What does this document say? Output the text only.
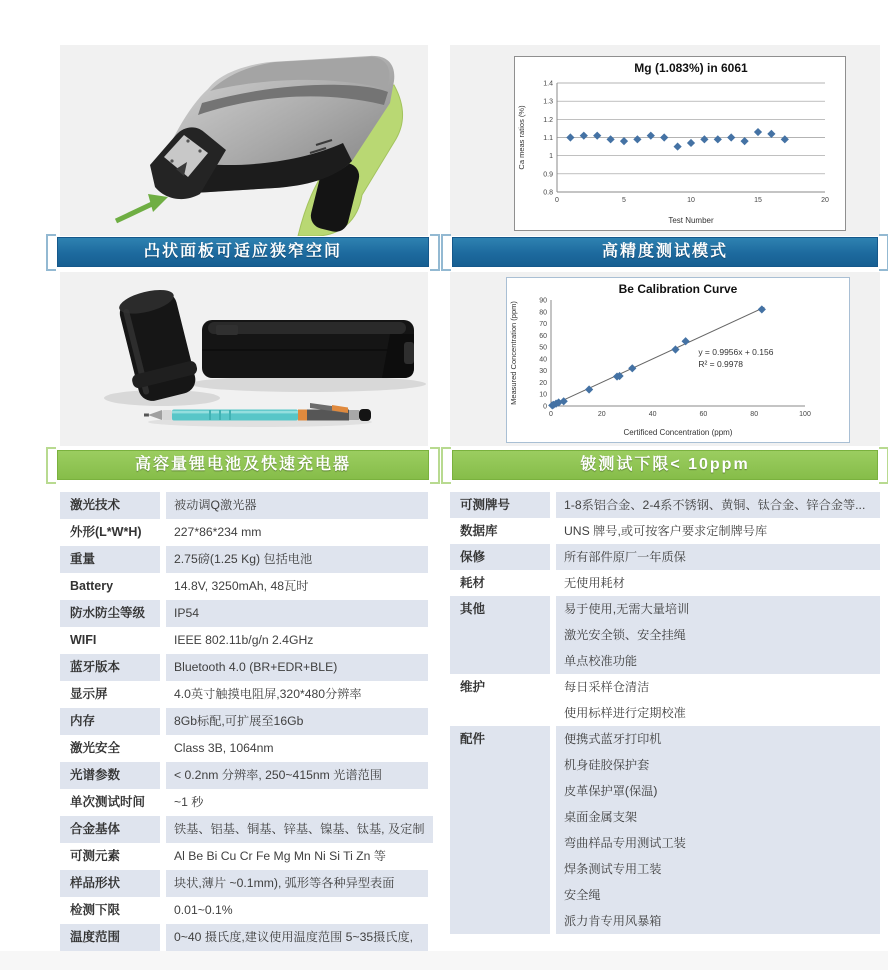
凸状面板可适应狭窄空间
高容量锂电池及快速充电器
激光技术	被动调Q激光器
外形(L*W*H)	227*86*234 mm
重量	2.75磅(1.25 Kg) 包括电池
Battery	14.8V, 3250mAh, 48瓦时
防水防尘等级	IP54
WIFI	IEEE 802.11b/g/n 2.4GHz
蓝牙版本	Bluetooth 4.0 (BR+EDR+BLE)
显示屏	4.0英寸触摸电阻屏,320*480分辨率
内存	8Gb标配,可扩展至16Gb
激光安全	Class 3B, 1064nm
光谱参数	< 0.2nm 分辨率, 250~415nm 光谱范围
单次测试时间	~1 秒
合金基体	铁基、铝基、铜基、锌基、镍基、钛基, 及定制
可测元素	Al Be Bi Cu Cr Fe Mg Mn Ni Si Ti Zn 等
样品形状	块状,薄片 ~0.1mm), 弧形等各种异型表面
检测下限	0.01~0.1%
温度范围	0~40 摄氏度,建议使用温度范围 5~35摄氏度,
0.8
0.9
1
1.1
1.2
1.3
1.4
0	5	10	15	20
Mg (1.083%) in 6061
Test Number
Ca meas ratios (%)
高精度测试模式
0
10
20
30
40
50
60
70
80
90
0	20	40	60	80	100
Be Calibration Curve
Certificed Concentration (ppm)
Measured Concentration (ppm)	y = 0.9956x + 0.156
R² = 0.9978
铍测试下限< 10ppm
可测牌号	1-8系铝合金、2-4系不锈钢、黄铜、钛合金、锌合金等...
数据库	UNS 牌号,或可按客户要求定制牌号库
保修	所有部件原厂一年质保
耗材	无使用耗材
其他	易于使用,无需大量培训
激光安全锁、安全挂绳
单点校准功能
维护	每日采样仓清洁
使用标样进行定期校准
配件	便携式蓝牙打印机
机身硅胶保护套
皮革保护罩(保温)
桌面金属支架
弯曲样品专用测试工装
焊条测试专用工装
安全绳
派力肯专用风暴箱
